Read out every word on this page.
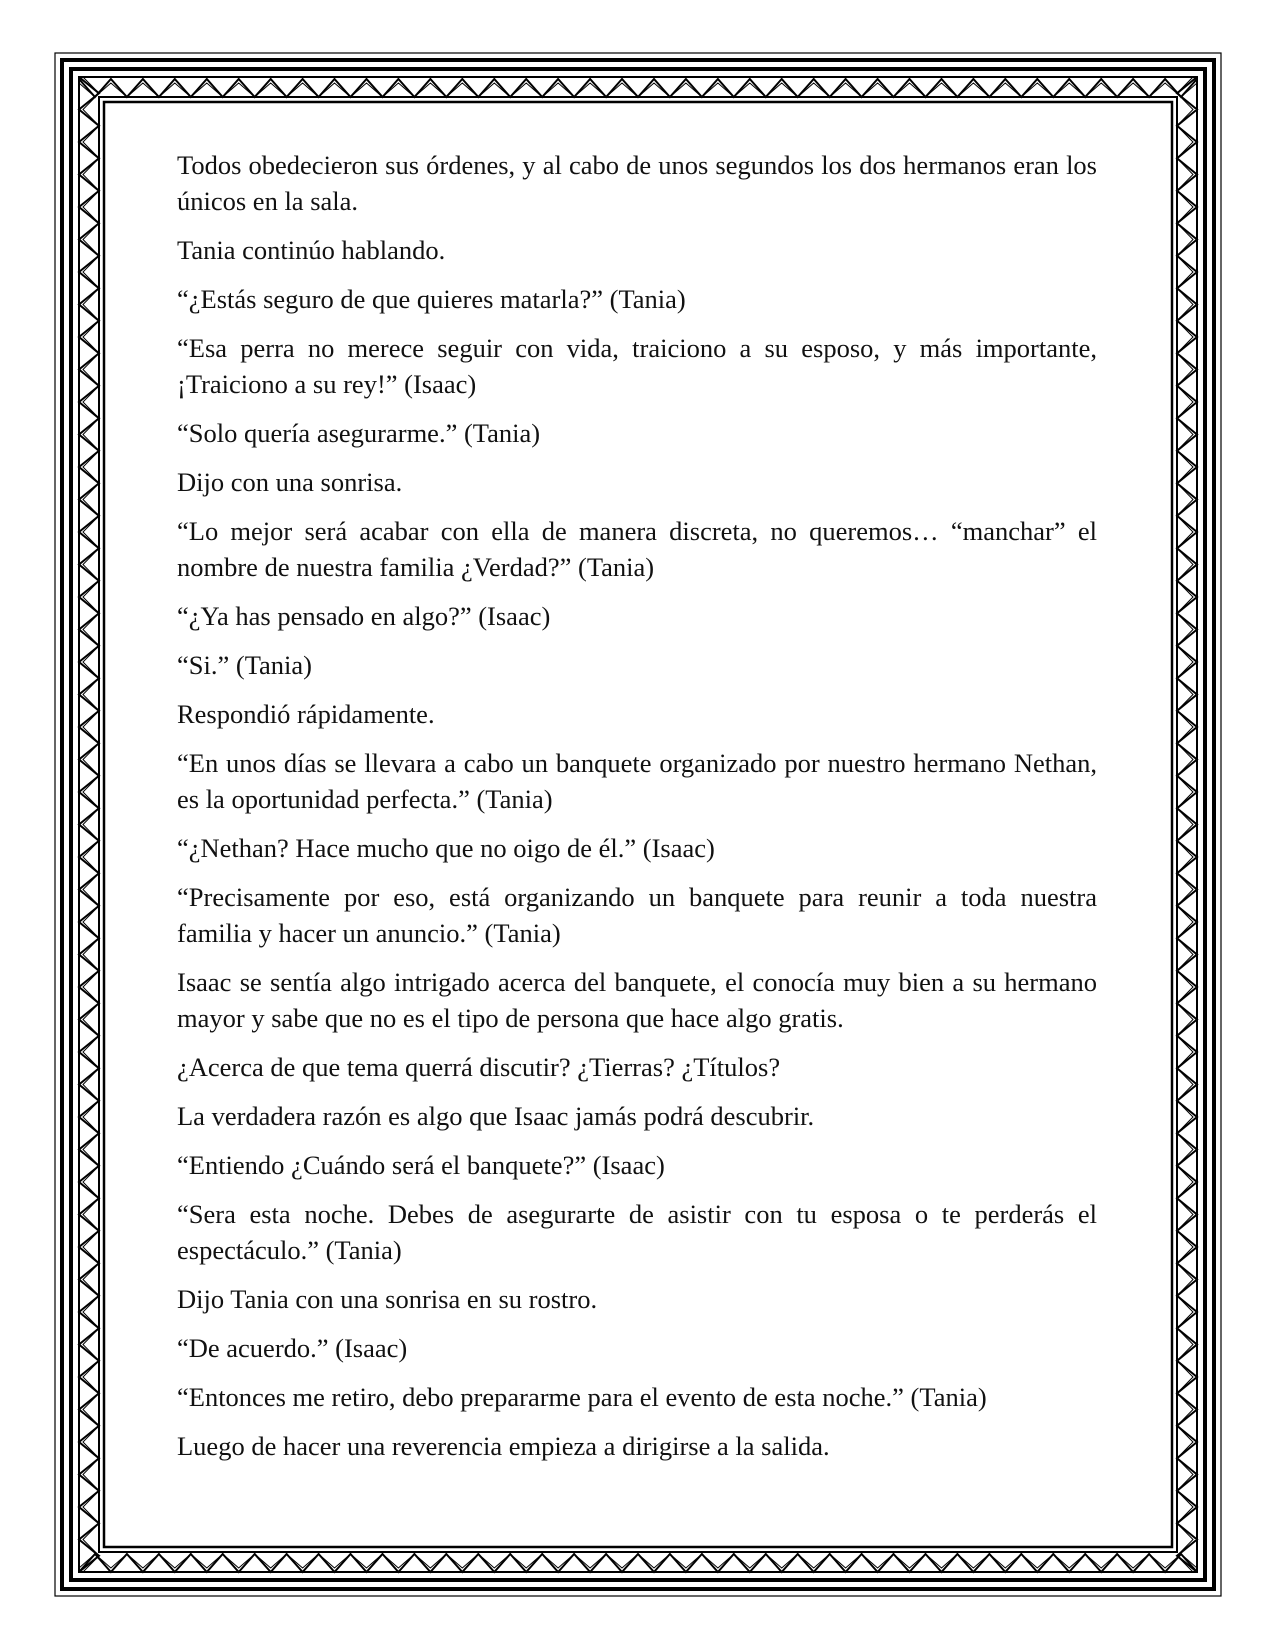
Todos obedecieron sus órdenes, y al cabo de unos segundos los dos hermanos eran los únicos en la sala.

Tania continúo hablando.

“¿Estás seguro de que quieres matarla?” (Tania)

“Esa perra no merece seguir con vida, traiciono a su esposo, y más importante, ¡Traiciono a su rey!” (Isaac)

“Solo quería asegurarme.” (Tania)

Dijo con una sonrisa.

“Lo mejor será acabar con ella de manera discreta, no queremos… “manchar” el nombre de nuestra familia ¿Verdad?” (Tania)

“¿Ya has pensado en algo?” (Isaac)

“Si.” (Tania)

Respondió rápidamente.

“En unos días se llevara a cabo un banquete organizado por nuestro hermano Nethan, es la oportunidad perfecta.” (Tania)

“¿Nethan? Hace mucho que no oigo de él.” (Isaac)

“Precisamente por eso, está organizando un banquete para reunir a toda nuestra familia y hacer un anuncio.” (Tania)

Isaac se sentía algo intrigado acerca del banquete, el conocía muy bien a su hermano mayor y sabe que no es el tipo de persona que hace algo gratis.

¿Acerca de que tema querrá discutir? ¿Tierras? ¿Títulos?

La verdadera razón es algo que Isaac jamás podrá descubrir.

“Entiendo ¿Cuándo será el banquete?” (Isaac)

“Sera esta noche. Debes de asegurarte de asistir con tu esposa o te perderás el espectáculo.” (Tania)

Dijo Tania con una sonrisa en su rostro.

“De acuerdo.” (Isaac)

“Entonces me retiro, debo prepararme para el evento de esta noche.” (Tania)

Luego de hacer una reverencia empieza a dirigirse a la salida.
